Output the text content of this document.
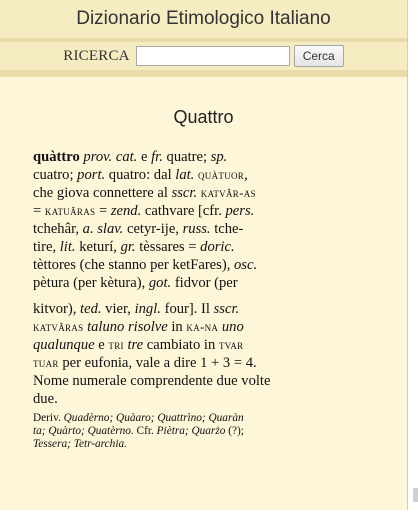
Dizionario Etimologico Italiano
RICERCA	Cerca
Quattro
quàttro prov. cat. e fr. quatre; sp.
cuatro; port. quatro: dal lat. quàtuor,
che giova connettere al sscr. katvâr-as
= katuâras = zend. cathvare [cfr. pers.
tchehâr, a. slav. cetyr-ije, russ. tche-
tire, lit. keturí, gr. tèssares = doric.
tèttores (che stanno per ketFares), osc.
pètura (per kètura), got. fidvor (per
kitvor), ted. vier, ingl. four]. Il sscr.
katvâras taluno risolve in ka-na uno
qualunque e tri tre cambiato in tvar
tuar per eufonia, vale a dire 1 + 3 = 4.
Nome numerale comprendente due volte
due.
Deriv. Quadèrno; Quàaro; Quattrìno; Quaràn
ta; Quàrto; Quatèrno. Cfr. Piètra; Quarżo (?);
Tessera; Tetr-archia.
